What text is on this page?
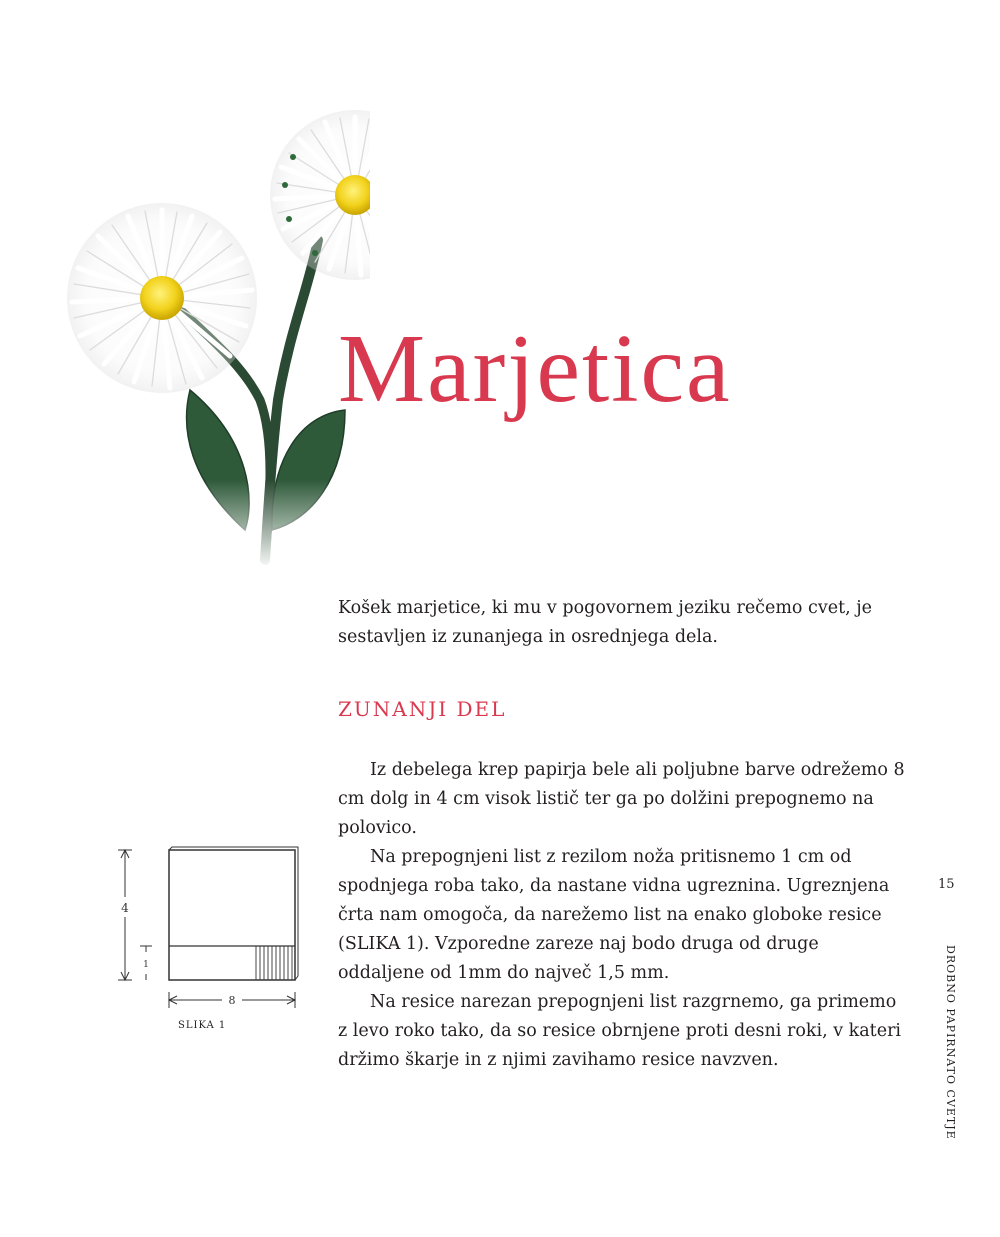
Marjetica

Košek marjetice, ki mu v pogovornem jeziku rečemo cvet, je sestavljen iz zunanjega in osrednjega dela.

ZUNANJI DEL

Iz debelega krep papirja bele ali poljubne barve odrežemo 8 cm dolg in 4 cm visok listič ter ga po dolžini prepognemo na polovico.

Na prepognjeni list z rezilom noža pritisnemo 1 cm od spodnjega roba tako, da nastane vidna ugreznina. Ugreznjena črta nam omogoča, da narežemo list na enako globoke resice (SLIKA 1). Vzporedne zareze naj bodo druga od druge oddaljene od 1mm do največ 1,5 mm.

Na resice narezan prepognjeni list razgrnemo, ga primemo z levo roko tako, da so resice obrnjene proti desni roki, v kateri držimo škarje in z njimi zavihamo resice navzven.

4
1
8
SLIKA 1
15
DROBNO PAPIRNATO CVETJE
